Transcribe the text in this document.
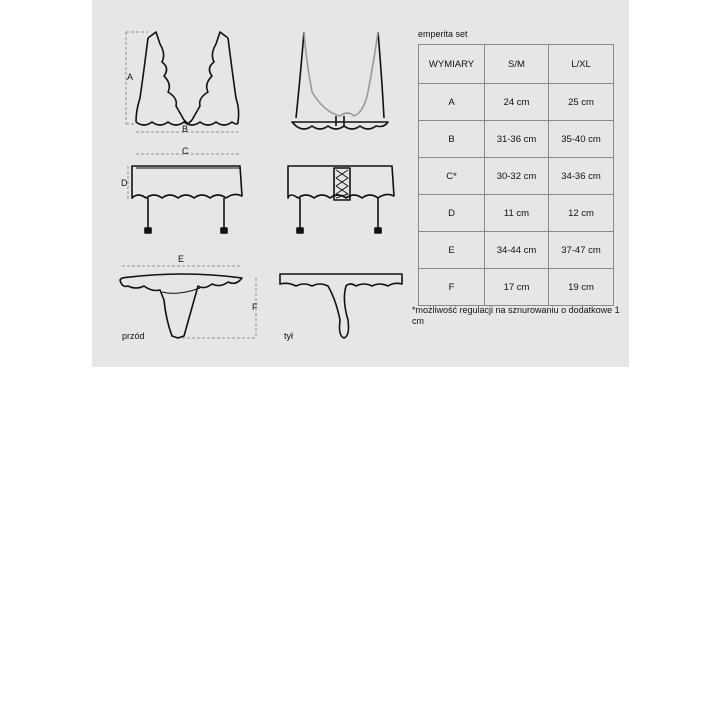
A
B
C
D
E
F
przód	tył
emperita set
WYMIARY	S/M	L/XL
A	24 cm	25 cm
B	31-36 cm	35-40 cm
C*	30-32 cm	34-36 cm
D	11 cm	12 cm
E	34-44 cm	37-47 cm
F	17 cm	19 cm
*możliwość regulacji na sznurowaniu o dodatkowe 1 cm
